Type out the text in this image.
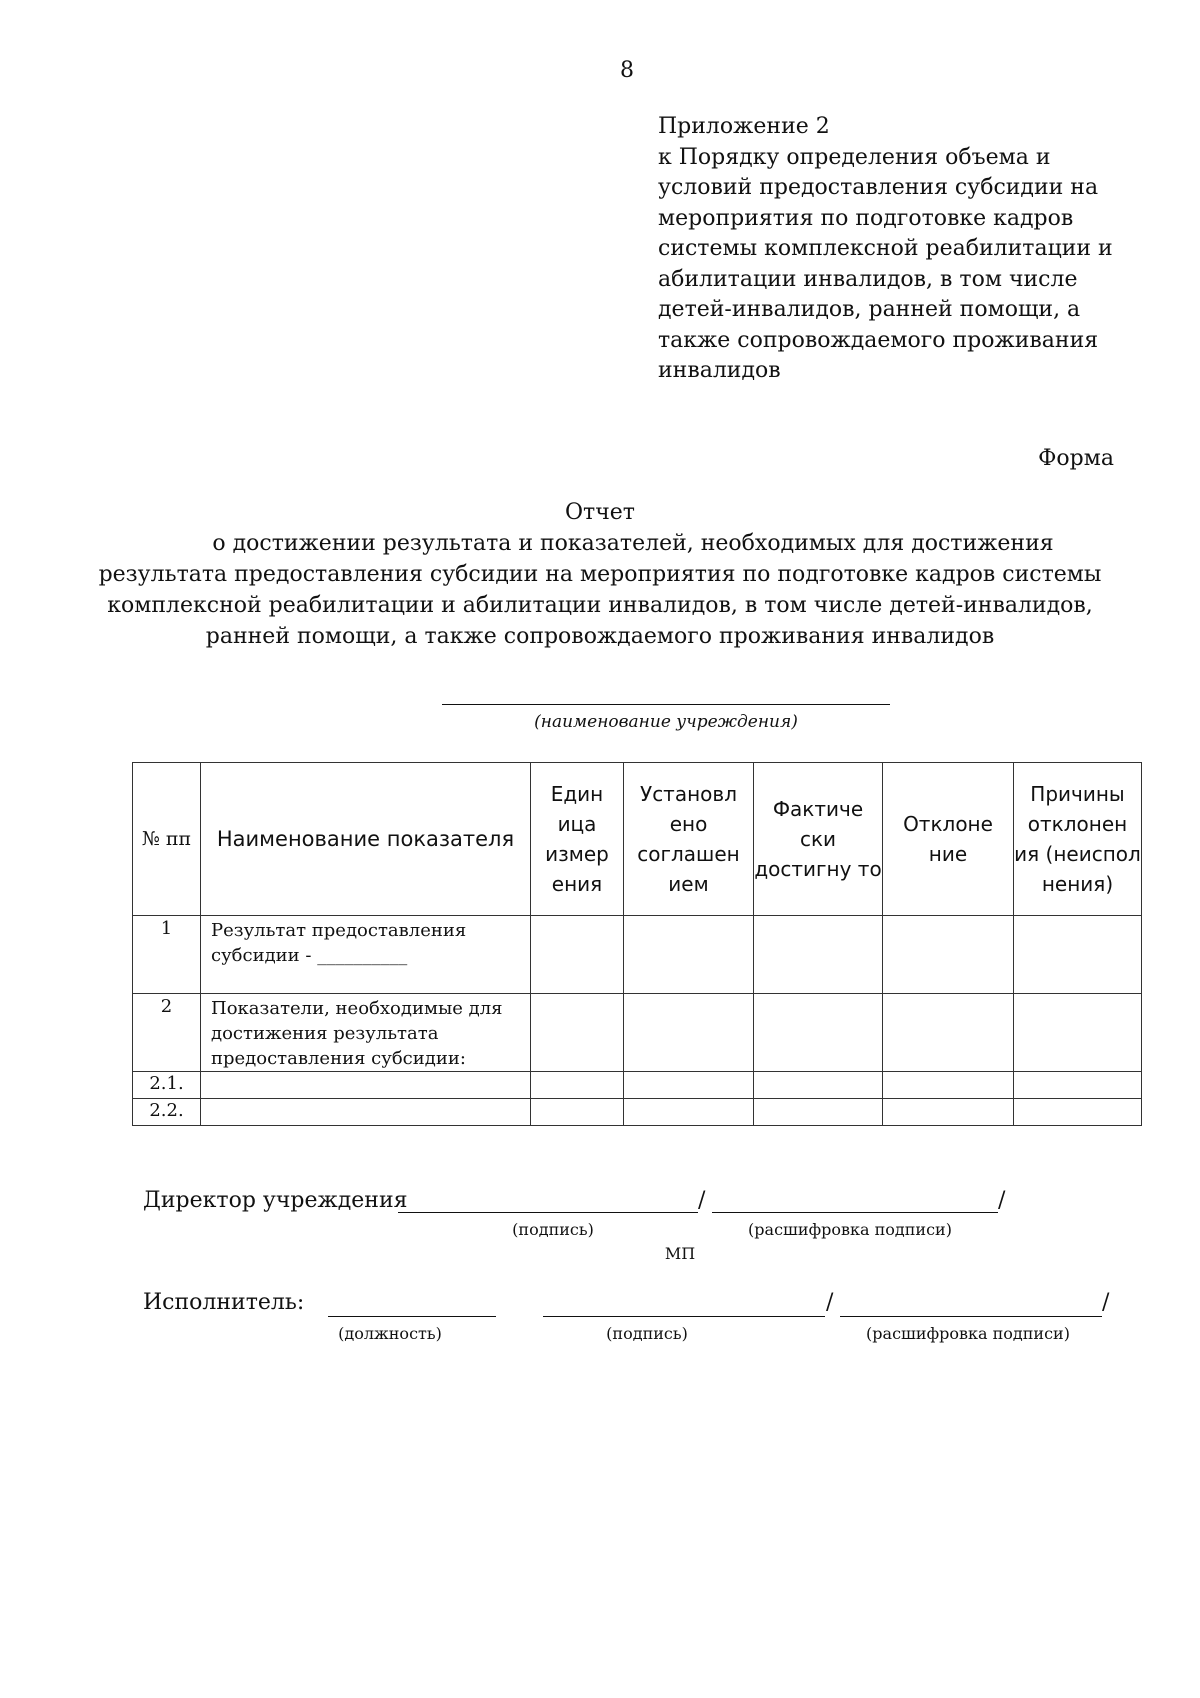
8
Приложение 2
к Порядку определения объема и
условий предоставления субсидии на
мероприятия по подготовке кадров
системы комплексной реабилитации и
абилитации инвалидов, в том числе
детей-инвалидов, ранней помощи, а
также сопровождаемого проживания
инвалидов
Форма
Отчет
о достижении результата и показателей, необходимых для достижения
результата предоставления субсидии на мероприятия по подготовке кадров системы
комплексной реабилитации и абилитации инвалидов, в том числе детей-инвалидов,
ранней помощи, а также сопровождаемого проживания инвалидов
(наименование учреждения)
№ пп	Наименование показателя	Един ица измер ения	Установл ено соглашен ием	Фактиче ски достигну то	Отклоне ние	Причины отклонен ия (неиспол нения)
1	Результат предоставления субсидии - __________					
2	Показатели, необходимые для достижения результата предоставления субсидии:					
2.1.						
2.2.						
Директор учреждения	/	/
(подпись)	(расшифровка подписи)
МП
Исполнитель:	/	/
(должность)	(подпись)	(расшифровка подписи)
